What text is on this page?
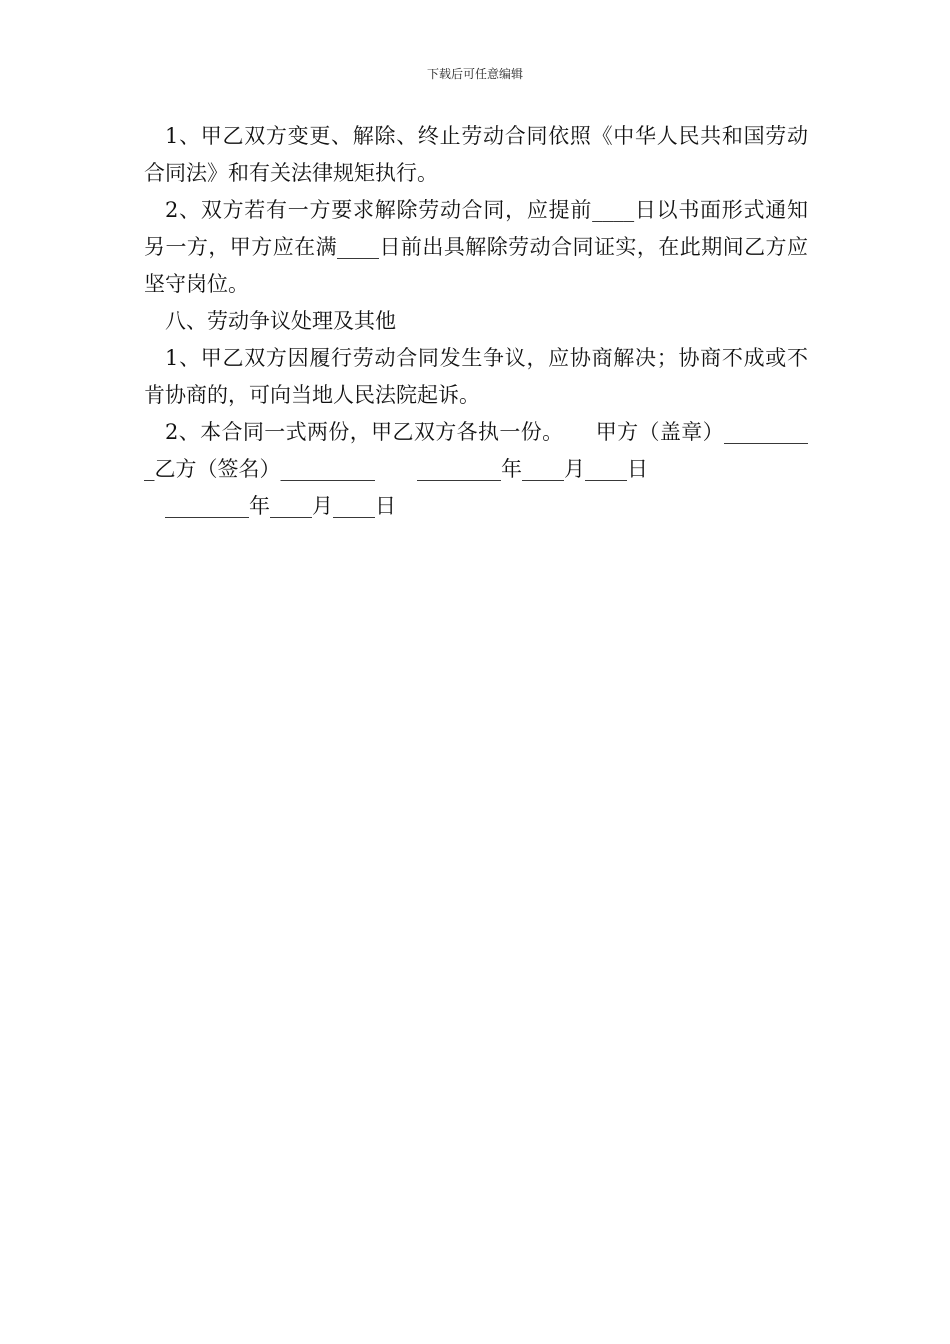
下载后可任意编辑

1、甲乙双方变更、解除、终止劳动合同依照《中华人民共和国劳动合同法》和有关法律规矩执行。

2、双方若有一方要求解除劳动合同，应提前____日以书面形式通知另一方，甲方应在满____日前出具解除劳动合同证实，在此期间乙方应坚守岗位。

八、劳动争议处理及其他

1、甲乙双方因履行劳动合同发生争议，应协商解决；协商不成或不肯协商的，可向当地人民法院起诉。

2、本合同一式两份，甲乙双方各执一份。　　甲方（盖章）_________乙方（签名）_________　　________年____月____日

________年____月____日
